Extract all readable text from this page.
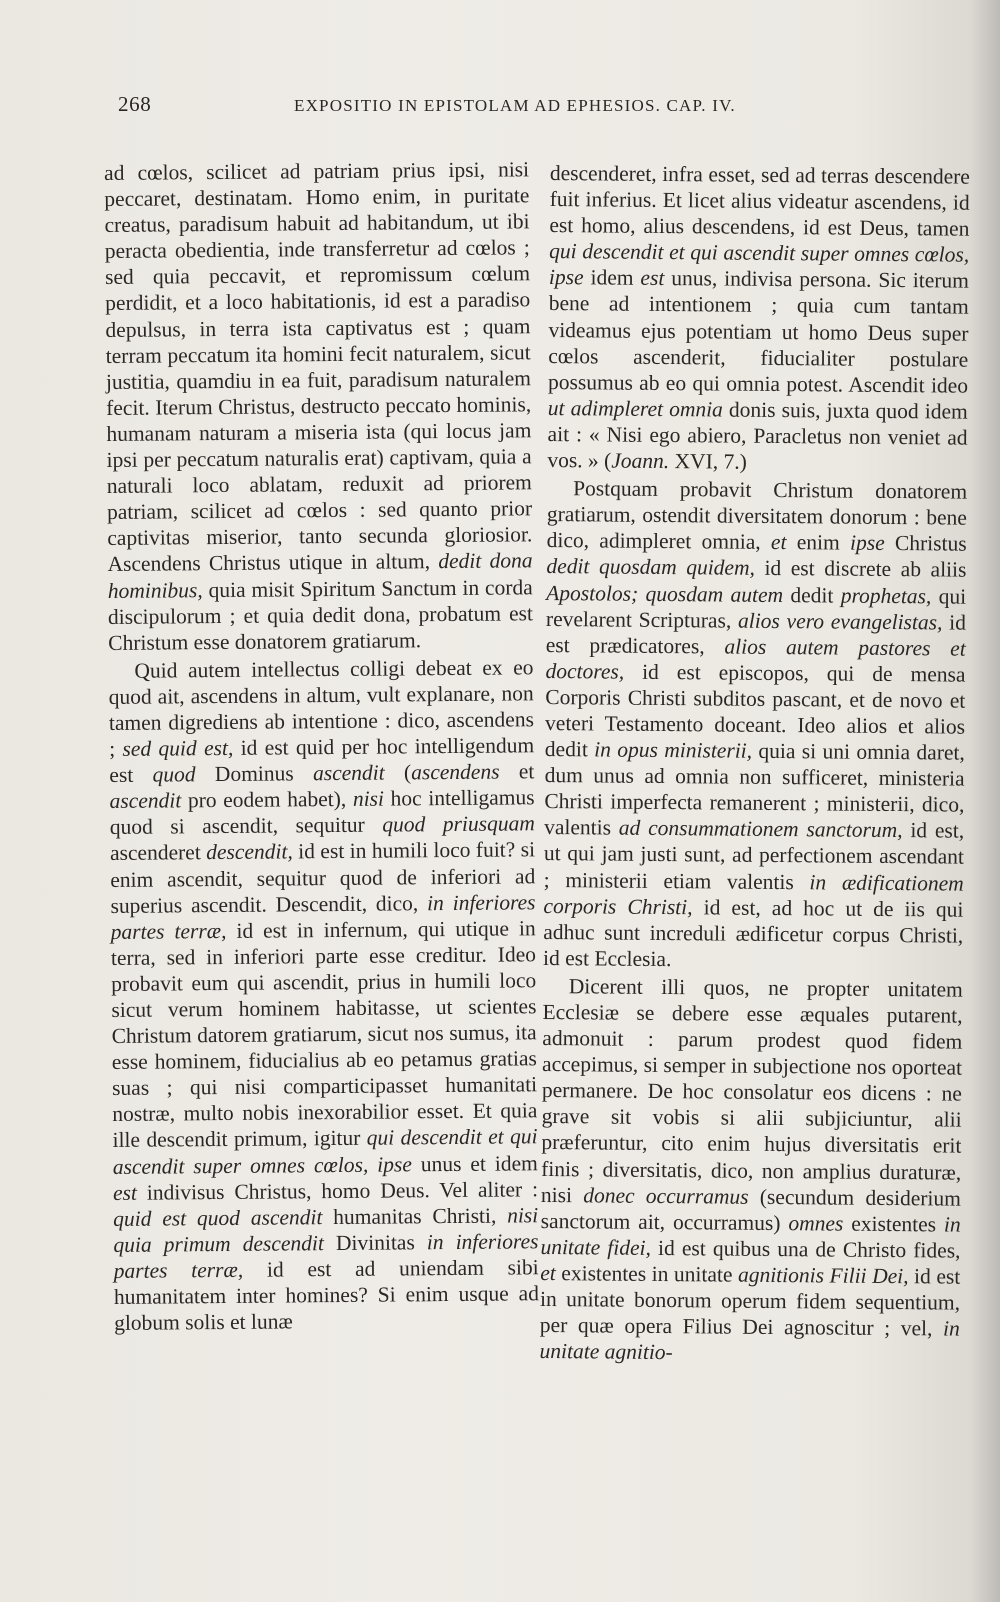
268	EXPOSITIO IN EPISTOLAM AD EPHESIOS. CAP. IV.

ad cœlos, scilicet ad patriam prius ipsi, nisi peccaret, destinatam. Homo enim, in puritate creatus, paradisum habuit ad habitandum, ut ibi peracta obedientia, inde transferretur ad cœlos ; sed quia peccavit, et repromissum cœlum perdidit, et a loco habitationis, id est a paradiso depulsus, in terra ista captivatus est ; quam terram peccatum ita homini fecit naturalem, sicut justitia, quamdiu in ea fuit, paradisum naturalem fecit. Iterum Christus, destructo peccato hominis, humanam naturam a miseria ista (qui locus jam ipsi per peccatum naturalis erat) captivam, quia a naturali loco ablatam, reduxit ad priorem patriam, scilicet ad cœlos : sed quanto prior captivitas miserior, tanto secunda gloriosior. Ascendens Christus utique in altum, dedit dona hominibus, quia misit Spiritum Sanctum in corda discipulorum ; et quia dedit dona, probatum est Christum esse donatorem gratiarum.

Quid autem intellectus colligi debeat ex eo quod ait, ascendens in altum, vult explanare, non tamen digrediens ab intentione : dico, ascendens ; sed quid est, id est quid per hoc intelligendum est quod Dominus ascendit (ascendens et ascendit pro eodem habet), nisi hoc intelligamus quod si ascendit, sequitur quod priusquam ascenderet descendit, id est in humili loco fuit? si enim ascendit, sequitur quod de inferiori ad superius ascendit. Descendit, dico, in inferiores partes terræ, id est in infernum, qui utique in terra, sed in inferiori parte esse creditur. Ideo probavit eum qui ascendit, prius in humili loco sicut verum hominem habitasse, ut scientes Christum datorem gratiarum, sicut nos sumus, ita esse hominem, fiducialius ab eo petamus gratias suas ; qui nisi comparticipasset humanitati nostræ, multo nobis inexorabilior esset. Et quia ille descendit primum, igitur qui descendit et qui ascendit super omnes cœlos, ipse unus et idem est indivisus Christus, homo Deus. Vel aliter : quid est quod ascendit humanitas Christi, nisi quia primum descendit Divinitas in inferiores partes terræ, id est ad uniendam sibi humanitatem inter homines? Si enim usque ad globum solis et lunæ

descenderet, infra esset, sed ad terras descendere fuit inferius. Et licet alius videatur ascendens, id est homo, alius descendens, id est Deus, tamen qui descendit et qui ascendit super omnes cœlos, ipse idem est unus, indivisa persona. Sic iterum bene ad intentionem ; quia cum tantam videamus ejus potentiam ut homo Deus super cœlos ascenderit, fiducialiter postulare possumus ab eo qui omnia potest. Ascendit ideo ut adimpleret omnia donis suis, juxta quod idem ait : « Nisi ego abiero, Paracletus non veniet ad vos. » (Joann. XVI, 7.)

Postquam probavit Christum donatorem gratiarum, ostendit diversitatem donorum : bene dico, adimpleret omnia, et enim ipse Christus dedit quosdam quidem, id est discrete ab aliis Apostolos; quosdam autem dedit prophetas, qui revelarent Scripturas, alios vero evangelistas, id est prædicatores, alios autem pastores et doctores, id est episcopos, qui de mensa Corporis Christi subditos pascant, et de novo et veteri Testamento doceant. Ideo alios et alios dedit in opus ministerii, quia si uni omnia daret, dum unus ad omnia non sufficeret, ministeria Christi imperfecta remanerent ; ministerii, dico, valentis ad consummationem sanctorum, id est, ut qui jam justi sunt, ad perfectionem ascendant ; ministerii etiam valentis in ædificationem corporis Christi, id est, ad hoc ut de iis qui adhuc sunt increduli ædificetur corpus Christi, id est Ecclesia.

Dicerent illi quos, ne propter unitatem Ecclesiæ se debere esse æquales putarent, admonuit : parum prodest quod fidem accepimus, si semper in subjectione nos oporteat permanere. De hoc consolatur eos dicens : ne grave sit vobis si alii subjiciuntur, alii præferuntur, cito enim hujus diversitatis erit finis ; diversitatis, dico, non amplius duraturæ, nisi donec occurramus (secundum desiderium sanctorum ait, occurramus) omnes existentes in unitate fidei, id est quibus una de Christo fides, et existentes in unitate agnitionis Filii Dei, id est in unitate bonorum operum fidem sequentium, per quæ opera Filius Dei agnoscitur ; vel, in unitate agnitio-
